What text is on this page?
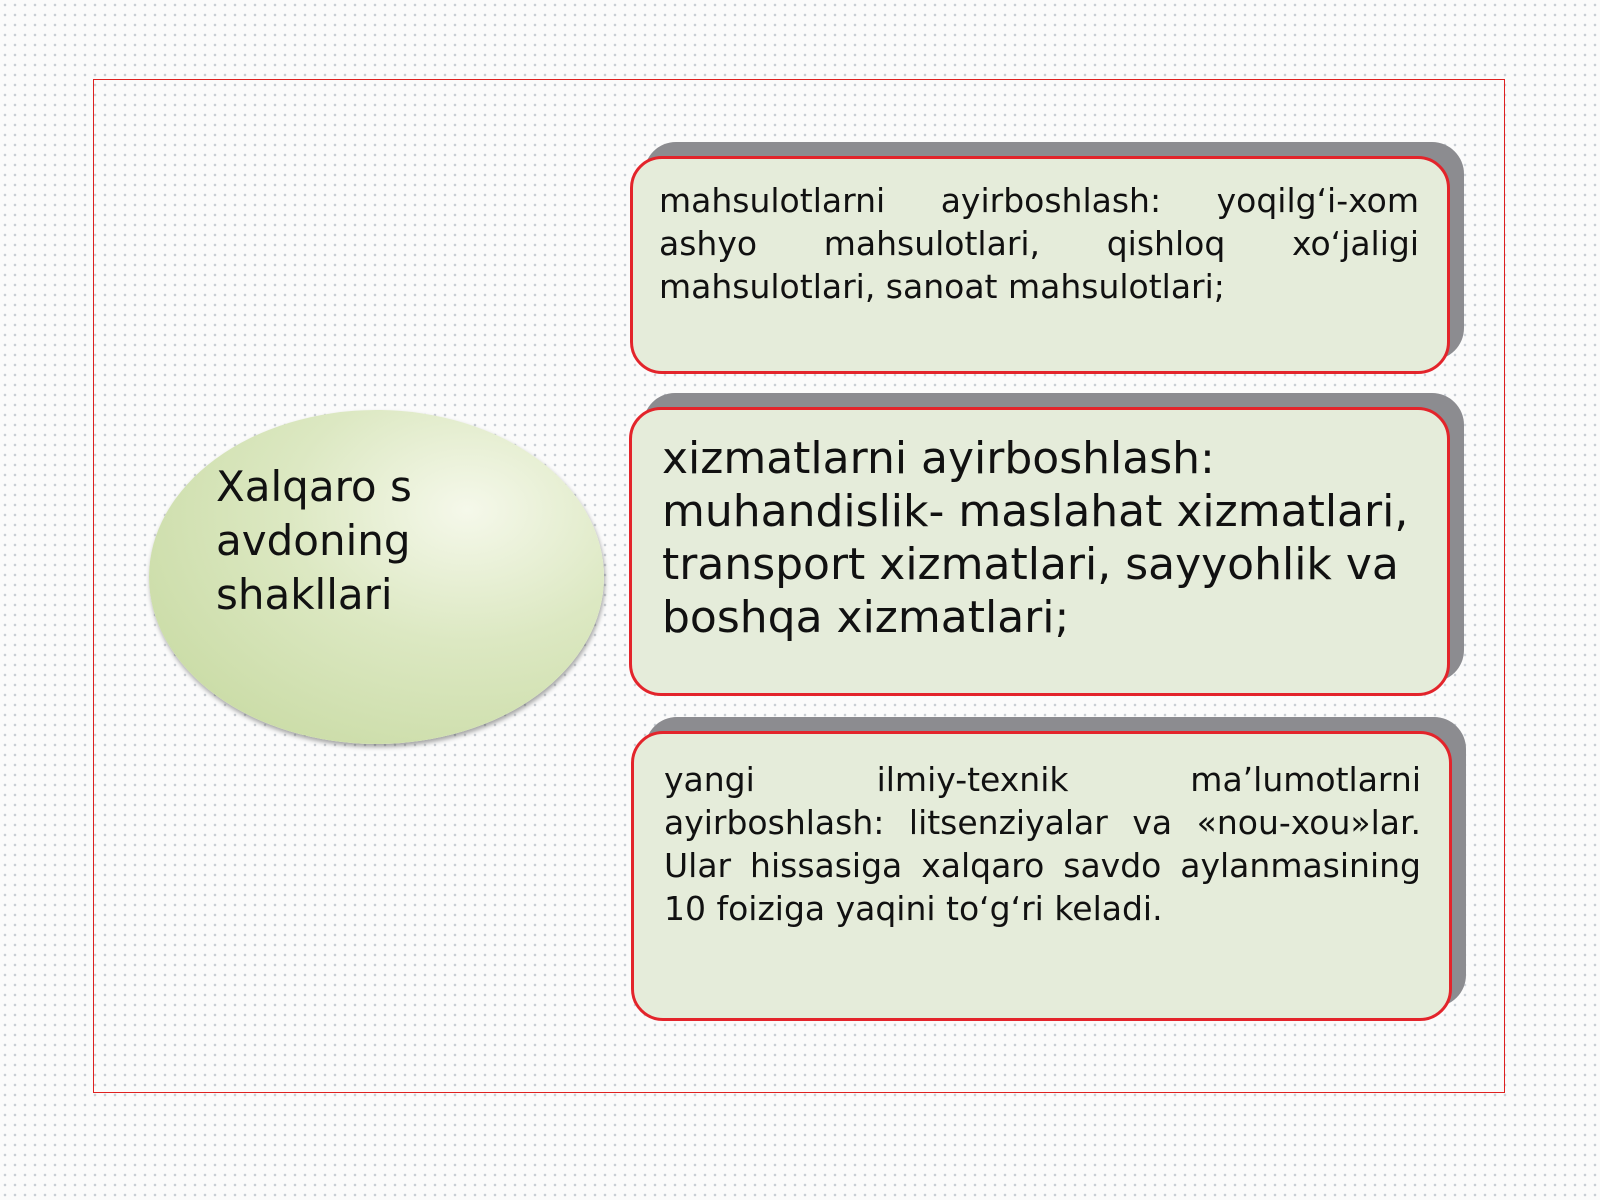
Xalqaro savdoning shakllari

mahsulotlarni ayirboshlash: yoqilg‘i-xom ashyo mahsulotlari, qishloq xo‘jaligi mahsulotlari, sanoat mahsulotlari;

xizmatlarni ayirboshlash: muhandislik- maslahat xizmatlari, transport xizmatlari, sayyohlik va boshqa xizmatlari;

yangi ilmiy-texnik ma’lumotlarni ayirboshlash: litsenziyalar va «nou-xou»lar. Ular hissasiga xalqaro savdo aylanmasining 10 foiziga yaqini to‘g‘ri keladi.
